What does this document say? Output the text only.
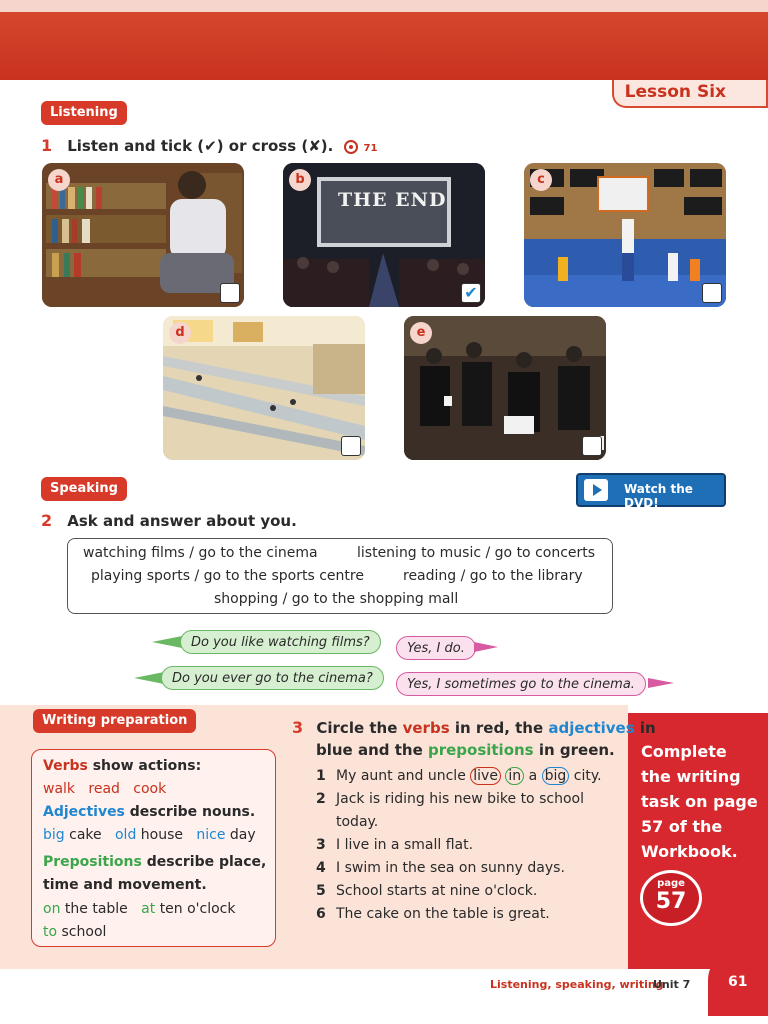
Lesson Six
Listening
1 Listen and tick (✔) or cross (✘).	71
a
THE END
b
✔
c
d	e
Speaking	Watch the DVD!
2 Ask and answer about you.
watching films / go to the cinema	listening to music / go to concerts
playing sports / go to the sports centre	reading / go to the library
shopping / go to the shopping mall
Do you like watching films?	Yes, I do.
Do you ever go to the cinema?	Yes, I sometimes go to the cinema.
Writing preparation
Verbs show actions:
walk read cook
Adjectives describe nouns.
big cake old house nice day
Prepositions describe place,
time and movement.
on the table at ten o'clock
to school
3 Circle the verbs in red, the adjectives in
blue and the prepositions in green.
1 My aunt and uncle live in a big city.
2 Jack is riding his new bike to school
today.
3 I live in a small flat.
4 I swim in the sea on sunny days.
5 School starts at nine o'clock.
6 The cake on the table is great.
Complete
the writing
task on page
57 of the
Workbook.
page
57
Listening, speaking, writing
Unit 7	61
